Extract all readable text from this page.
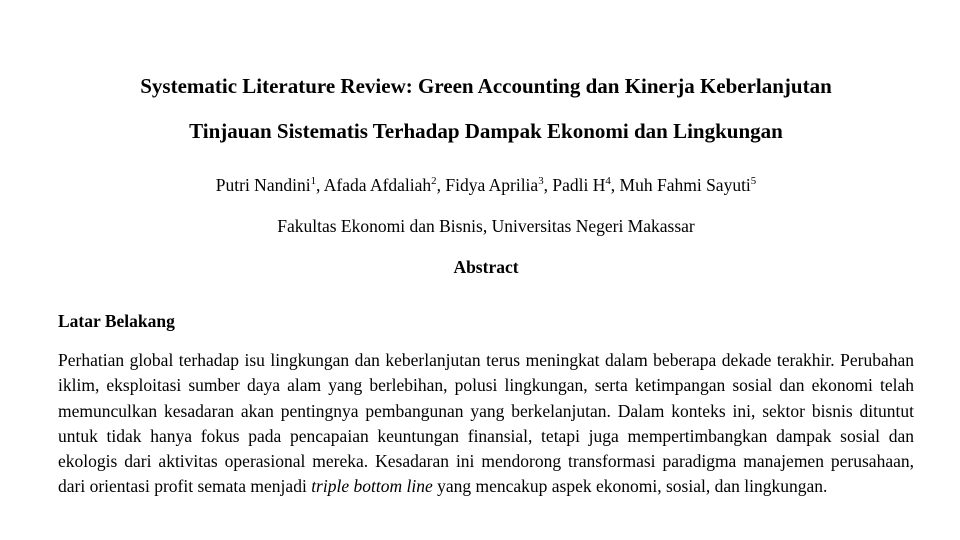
Systematic Literature Review: Green Accounting dan Kinerja Keberlanjutan
Tinjauan Sistematis Terhadap Dampak Ekonomi dan Lingkungan
Putri Nandini$^1$, Afada Afdaliah$^2$, Fidya Aprilia$^3$, Padli $H^4$, Muh Fahmi Sayuti$^5$
Fakultas Ekonomi dan Bisnis, Universitas Negeri Makassar
Abstract
Latar Belakang

Perhatian global terhadap isu lingkungan dan keberlanjutan terus meningkat dalam beberapa dekade terakhir. Perubahan iklim, eksploitasi sumber daya alam yang berlebihan, polusi lingkungan, serta ketimpangan sosial dan ekonomi telah memunculkan kesadaran akan pentingnya pembangunan yang berkelanjutan. Dalam konteks ini, sektor bisnis dituntut untuk tidak hanya fokus pada pencapaian keuntungan finansial, tetapi juga mempertimbangkan dampak sosial dan ekologis dari aktivitas operasional mereka. Kesadaran ini mendorong transformasi paradigma manajemen perusahaan, dari orientasi profit semata menjadi triple bottom line yang mencakup aspek ekonomi, sosial, dan lingkungan.
